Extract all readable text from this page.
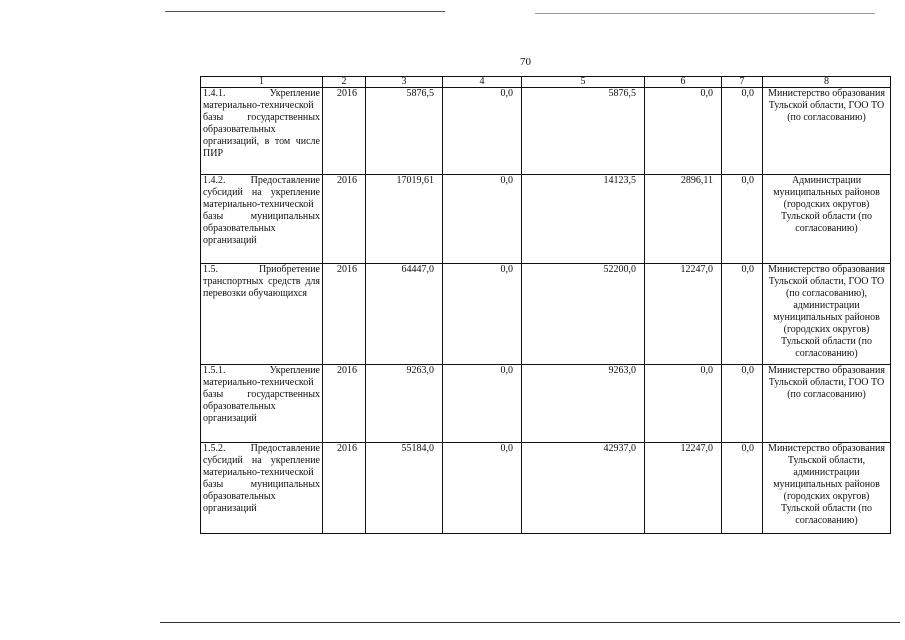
70
1	2	3	4	5	6	7	8
1.4.1. Укрепление материально-технической базы государственных образовательных организаций, в том числе ПИР	2016	5876,5	0,0	5876,5	0,0	0,0	Министерство образования Тульской области, ГОО ТО (по согласованию)
1.4.2. Предоставление субсидий на укрепление материально-технической базы муниципальных образовательных организаций	2016	17019,61	0,0	14123,5	2896,11	0,0	Администрации муниципальных районов (городских округов) Тульской области (по согласованию)
1.5. Приобретение транспортных средств для перевозки обучающихся	2016	64447,0	0,0	52200,0	12247,0	0,0	Министерство образования Тульской области, ГОО ТО (по согласованию), администрации муниципальных районов (городских округов) Тульской области (по согласованию)
1.5.1. Укрепление материально-технической базы государственных образовательных организаций	2016	9263,0	0,0	9263,0	0,0	0,0	Министерство образования Тульской области, ГОО ТО (по согласованию)
1.5.2. Предоставление субсидий на укрепление материально-технической базы муниципальных образовательных организаций	2016	55184,0	0,0	42937,0	12247,0	0,0	Министерство образования Тульской области, администрации муниципальных районов (городских округов) Тульской области (по согласованию)
